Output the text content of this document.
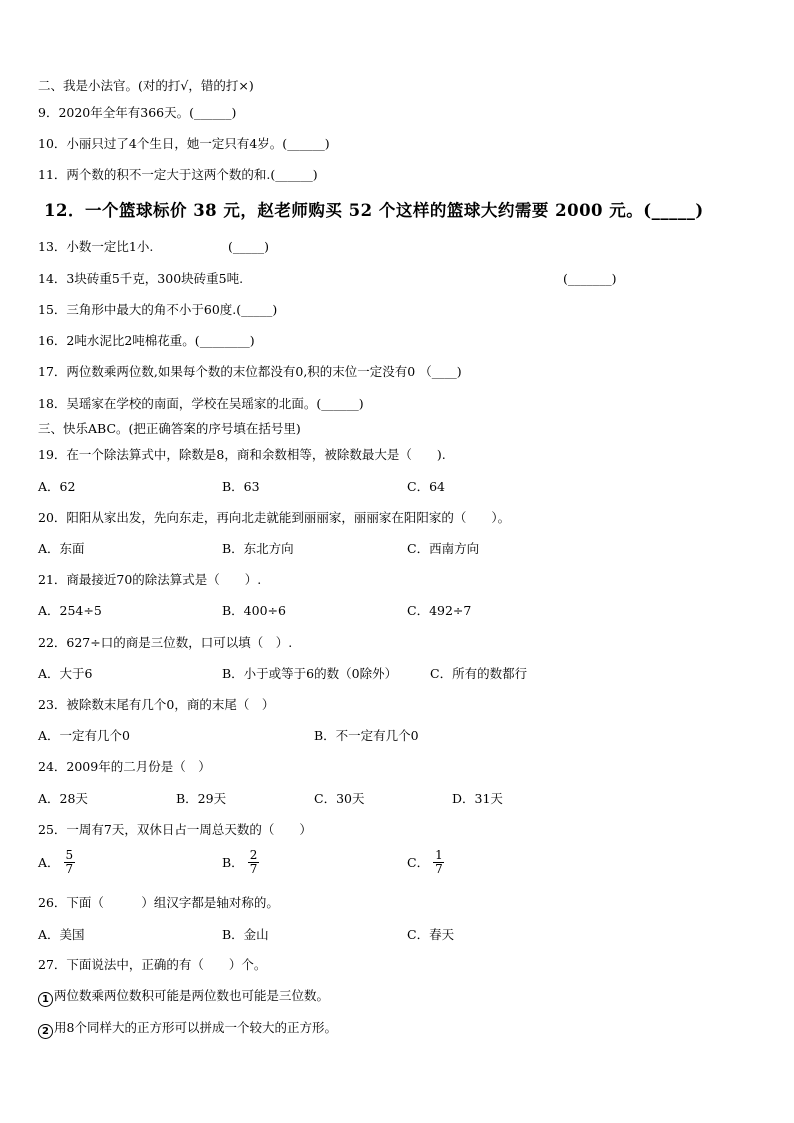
二、我是小法官。(对的打√，错的打×)
9．2020年全年有366天。(______)
10．小丽只过了4个生日，她一定只有4岁。(______)
11．两个数的积不一定大于这两个数的和.(______)
12．一个篮球标价 38 元，赵老师购买 52 个这样的篮球大约需要 2000 元。(_____)
13．小数一定比1小.	(_____)
14．3块砖重5千克，300块砖重5吨.	(_______)
15．三角形中最大的角不小于60度.(_____)
16．2吨水泥比2吨棉花重。(________)
17．两位数乘两位数,如果每个数的末位都没有0,积的末位一定没有0 （____)
18．吴瑶家在学校的南面，学校在吴瑶家的北面。(______)
三、快乐ABC。(把正确答案的序号填在括号里)
19．在一个除法算式中，除数是8，商和余数相等，被除数最大是（　　).
A．62	B．63	C．64
20．阳阳从家出发，先向东走，再向北走就能到丽丽家，丽丽家在阳阳家的（　　）。
A．东面	B．东北方向	C．西南方向
21．商最接近70的除法算式是（　　）.
A．254÷5	B．400÷6	C．492÷7
22．627÷口的商是三位数，口可以填（　）.
A．大于6	B．小于或等于6的数（0除外）	C．所有的数都行
23．被除数末尾有几个0，商的末尾（　）
A．一定有几个0	B．不一定有几个0
24．2009年的二月份是（　）
A．28天	B．29天	C．30天	D．31天
25．一周有7天，双休日占一周总天数的（　　）
A． $\frac{5}{7}$	B． $\frac{2}{7}$	C． $\frac{1}{7}$
26．下面（　　　）组汉字都是轴对称的。
A．美国	B．金山	C．春天
27．下面说法中，正确的有（　　）个。
1 两位数乘两位数积可能是两位数也可能是三位数。
2 用8个同样大的正方形可以拼成一个较大的正方形。
